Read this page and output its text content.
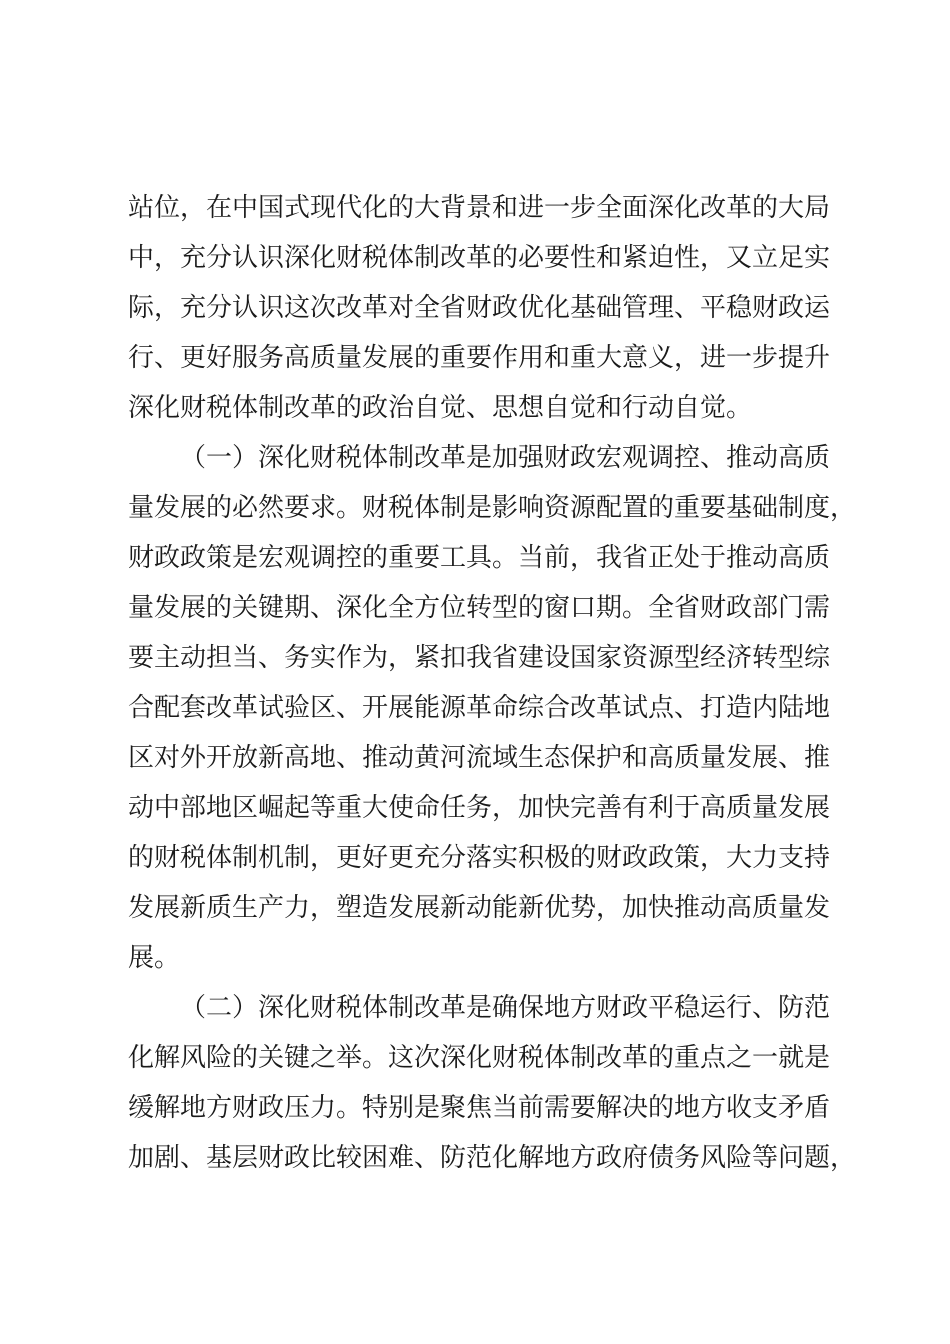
站位，在中国式现代化的大背景和进一步全面深化改革的大局
中，充分认识深化财税体制改革的必要性和紧迫性，又立足实
际，充分认识这次改革对全省财政优化基础管理、平稳财政运
行、更好服务高质量发展的重要作用和重大意义，进一步提升
深化财税体制改革的政治自觉、思想自觉和行动自觉。
（一）深化财税体制改革是加强财政宏观调控、推动高质
量发展的必然要求。财税体制是影响资源配置的重要基础制度，
财政政策是宏观调控的重要工具。当前，我省正处于推动高质
量发展的关键期、深化全方位转型的窗口期。全省财政部门需
要主动担当、务实作为，紧扣我省建设国家资源型经济转型综
合配套改革试验区、开展能源革命综合改革试点、打造内陆地
区对外开放新高地、推动黄河流域生态保护和高质量发展、推
动中部地区崛起等重大使命任务，加快完善有利于高质量发展
的财税体制机制，更好更充分落实积极的财政政策，大力支持
发展新质生产力，塑造发展新动能新优势，加快推动高质量发
展。
（二）深化财税体制改革是确保地方财政平稳运行、防范
化解风险的关键之举。这次深化财税体制改革的重点之一就是
缓解地方财政压力。特别是聚焦当前需要解决的地方收支矛盾
加剧、基层财政比较困难、防范化解地方政府债务风险等问题，
